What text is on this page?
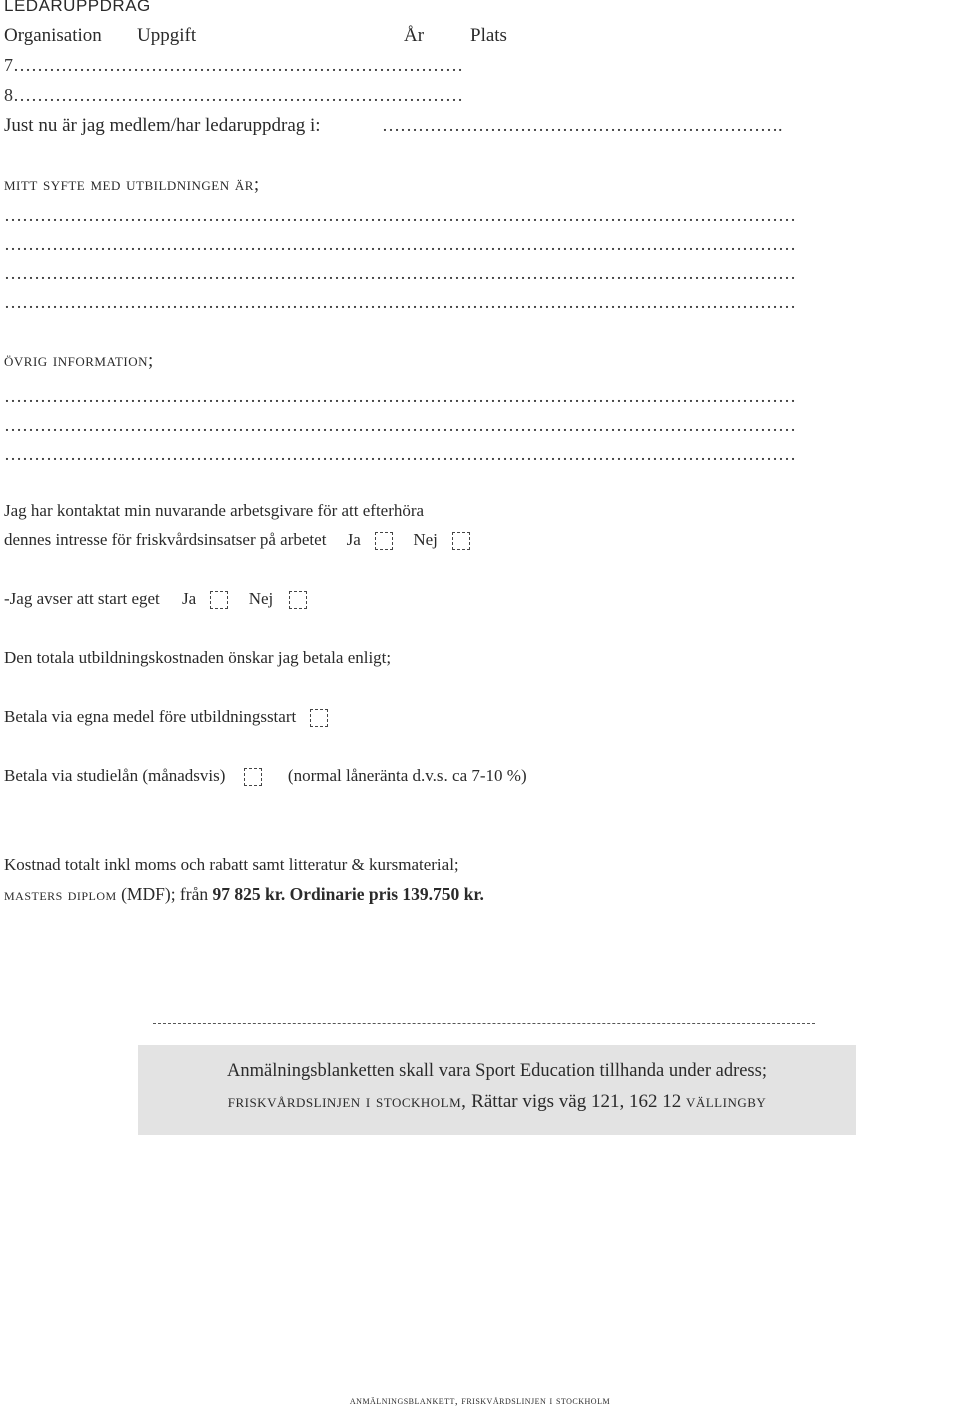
LEDARUPPDRAG
Organisation Uppgift	År Plats
7…………………………………………………………………
8…………………………………………………………………
Just nu är jag medlem/har ledaruppdrag i:	………………………………………………………….
mitt syfte med utbildningen är;
……………………………………………………………………………………………………………………
……………………………………………………………………………………………………………………
……………………………………………………………………………………………………………………
……………………………………………………………………………………………………………………
övrig information;
……………………………………………………………………………………………………………………
……………………………………………………………………………………………………………………
……………………………………………………………………………………………………………………
Jag har kontaktat min nuvarande arbetsgivare för att efterhöra
dennes intresse för friskvårdsinsatser på arbetet Ja	Nej
-Jag avser att start eget Ja	Nej
Den totala utbildningskostnaden önskar jag betala enligt;
Betala via egna medel före utbildningsstart
Betala via studielån (månadsvis)	(normal låneränta d.v.s. ca 7-10 %)
Kostnad totalt inkl moms och rabatt samt litteratur & kursmaterial;
masters diplom (MDF); från 97 825 kr. Ordinarie pris 139.750 kr.
Anmälningsblanketten skall vara Sport Education tillhanda under adress;
friskvårdslinjen i stockholm, Rättar vigs väg 121, 162 12 vällingby
anmälningsblankett, friskvårdslinjen i stockholm
